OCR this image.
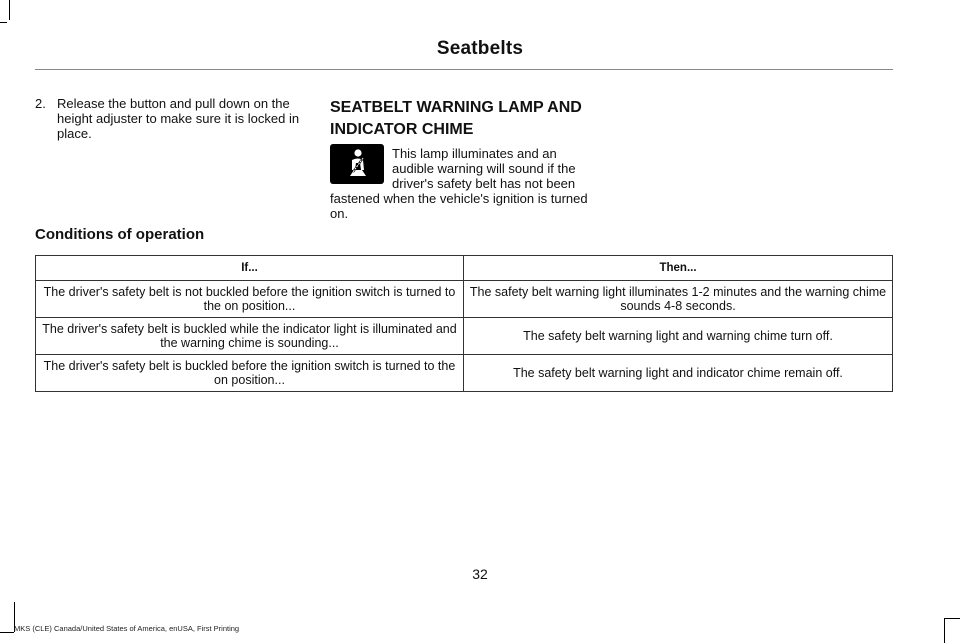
Seatbelts
2. Release the button and pull down on the height adjuster to make sure it is locked in place.
SEATBELT WARNING LAMP AND INDICATOR CHIME
This lamp illuminates and an audible warning will sound if the driver's safety belt has not been fastened when the vehicle's ignition is turned on.
Conditions of operation
If...	Then...
The driver's safety belt is not buckled before the ignition switch is turned to the on position...	The safety belt warning light illuminates 1-2 minutes and the warning chime sounds 4-8 seconds.
The driver's safety belt is buckled while the indicator light is illuminated and the warning chime is sounding...	The safety belt warning light and warning chime turn off.
The driver's safety belt is buckled before the ignition switch is turned to the on position...	The safety belt warning light and indicator chime remain off.
32
MKS (CLE) Canada/United States of America, enUSA, First Printing
